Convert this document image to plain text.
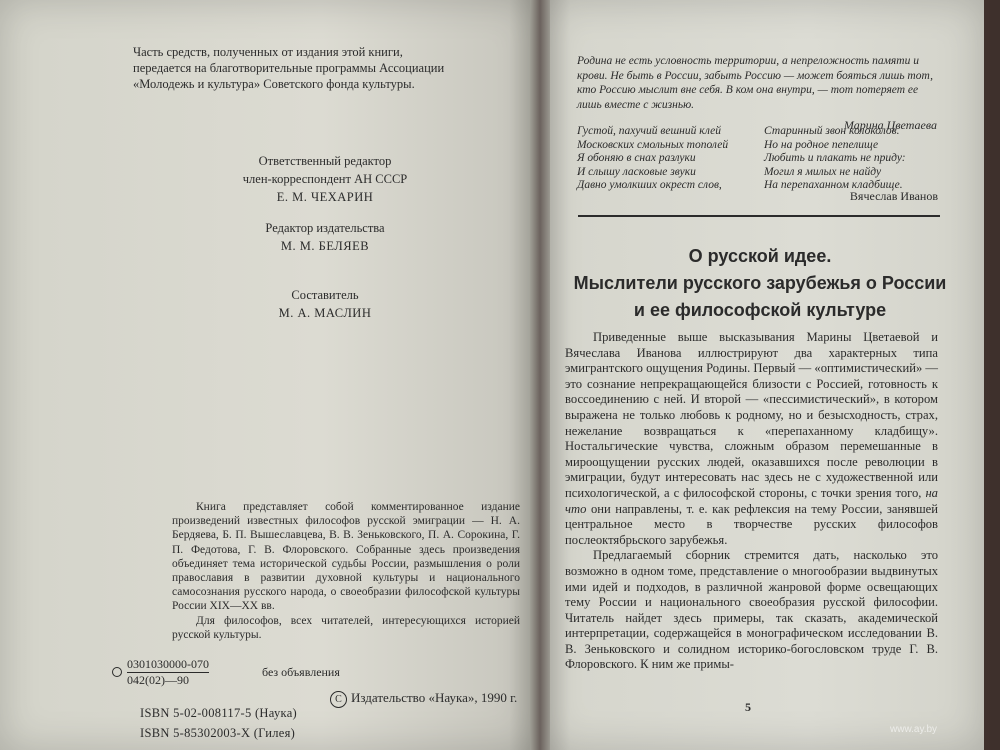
Часть средств, полученных от издания этой книги,
передается на благотворительные программы Ассоциации
«Молодежь и культура» Советского фонда культуры.
Ответственный редактор
член-корреспондент АН СССР
Е. М. ЧЕХАРИН
Редактор издательства
М. М. БЕЛЯЕВ
Составитель
М. А. МАСЛИН

Книга представляет собой комментированное издание произведений известных философов русской эмиграции — Н. А. Бердяева, Б. П. Вышеславцева, В. В. Зеньковского, П. А. Сорокина, Г. П. Федотова, Г. В. Флоровского. Собранные здесь произведения объединяет тема исторической судьбы России, размышления о роли православия в развитии духовной культуры и национального самосознания русского народа, о своеобразии философской культуры России XIX—XX вв.

Для философов, всех читателей, интересующихся историей русской культуры.

0301030000-070
042(02)—90
без объявления
C Издательство «Наука», 1990 г.
ISBN 5-02-008117-5 (Наука)
ISBN 5-85302003-X (Гилея)
Родина не есть условность территории, а непреложность памяти и крови. Не быть в России, забыть Россию — может бояться лишь тот, кто Россию мыслит вне себя. В ком она внутри, — тот потеряет ее лишь вместе с жизнью.
Марина Цветаева
Густой, пахучий вешний клей
Московских смольных тополей
Я обоняю в снах разлуки
И слышу ласковые звуки
Давно умолкших окрест слов,
Старинный звон колоколов.
Но на родное пепелище
Любить и плакать не приду:
Могил я милых не найду
На перепаханном кладбище.
Вячеслав Иванов
О русской идее.
Мыслители русского зарубежья о России
и ее философской культуре

Приведенные выше высказывания Марины Цветаевой и Вячеслава Иванова иллюстрируют два характерных типа эмигрантского ощущения Родины. Первый — «оптимистический» — это сознание непрекращающейся близости с Россией, готовность к воссоединению с ней. И второй — «пессимистический», в котором выражена не только любовь к родному, но и безысходность, страх, нежелание возвращаться к «перепаханному кладбищу». Ностальгические чувства, сложным образом перемешанные в мироощущении русских людей, оказавшихся после революции в эмиграции, будут интересовать нас здесь не с художественной или психологической, а с философской стороны, с точки зрения того, на что они направлены, т. е. как рефлексия на тему России, занявшей центральное место в творчестве русских философов послеоктябрьского зарубежья.

Предлагаемый сборник стремится дать, насколько это возможно в одном томе, представление о многообразии выдвинутых ими идей и подходов, в различной жанровой форме освещающих тему России и национального своеобразия русской философии. Читатель найдет здесь примеры, так сказать, академической интерпретации, содержащейся в монографическом исследовании В. В. Зеньковского и солидном историко-богословском труде Г. В. Флоровского. К ним же примы-

5
www.ay.by
